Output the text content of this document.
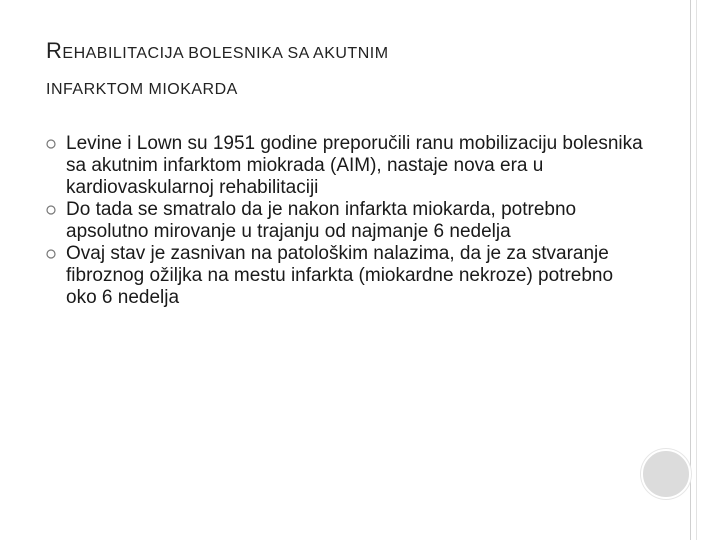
REHABILITACIJA BOLESNIKA SA AKUTNIM
INFARKTOM MIOKARDA
Levine i Lown su 1951 godine preporučili ranu mobilizaciju bolesnika sa akutnim infarktom miokrada (AIM), nastaje nova era u kardiovaskularnoj rehabilitaciji
Do tada se smatralo da je nakon infarkta miokarda, potrebno apsolutno mirovanje u trajanju od najmanje 6 nedelja
Ovaj stav je zasnivan na patološkim nalazima, da je za stvaranje fibroznog ožiljka na mestu infarkta (miokardne nekroze) potrebno oko 6 nedelja
